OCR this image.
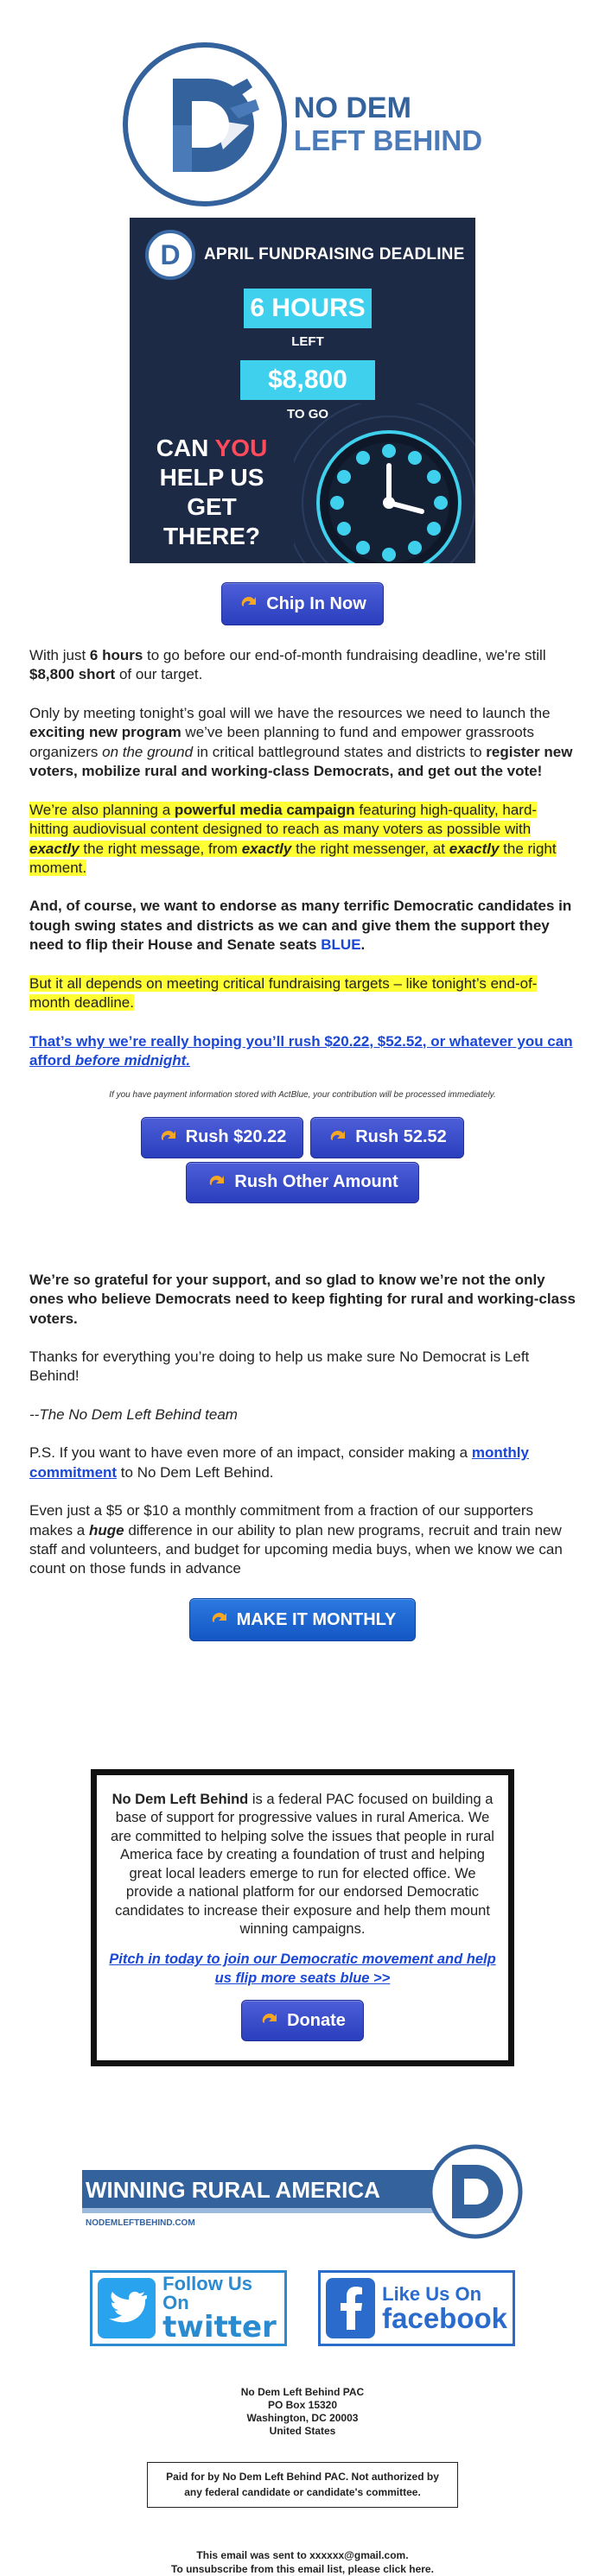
NO DEM
LEFT BEHIND
D	APRIL FUNDRAISING DEADLINE
6 HOURS
LEFT
$8,800
TO GO
CAN YOU
HELP US
GET
THERE?
Chip In Now

With just 6 hours to go before our end-of-month fundraising deadline, we're still $8,800 short of our target.

Only by meeting tonight’s goal will we have the resources we need to launch the exciting new program we’ve been planning to fund and empower grassroots organizers on the ground in critical battleground states and districts to register new voters, mobilize rural and working-class Democrats, and get out the vote!

We’re also planning a powerful media campaign featuring high-quality, hard-hitting audiovisual content designed to reach as many voters as possible with exactly the right message, from exactly the right messenger, at exactly the right moment.

And, of course, we want to endorse as many terrific Democratic candidates in tough swing states and districts as we can and give them the support they need to flip their House and Senate seats BLUE.

But it all depends on meeting critical fundraising targets – like tonight’s end-of-month deadline.

That’s why we’re really hoping you’ll rush $20.22, $52.52, or whatever you can afford before midnight.

If you have payment information stored with ActBlue, your contribution will be processed immediately.
Rush $20.22	Rush 52.52
Rush Other Amount

We’re so grateful for your support, and so glad to know we’re not the only ones who believe Democrats need to keep fighting for rural and working-class voters.

Thanks for everything you’re doing to help us make sure No Democrat is Left Behind!

--The No Dem Left Behind team

P.S. If you want to have even more of an impact, consider making a monthly commitment to No Dem Left Behind.

Even just a $5 or $10 a monthly commitment from a fraction of our supporters makes a huge difference in our ability to plan new programs, recruit and train new staff and volunteers, and budget for upcoming media buys, when we know we can count on those funds in advance

MAKE IT MONTHLY

No Dem Left Behind is a federal PAC focused on building a base of support for progressive values in rural America. We are committed to helping solve the issues that people in rural America face by creating a foundation of trust and helping great local leaders emerge to run for elected office. We provide a national platform for our endorsed Democratic candidates to increase their exposure and help them mount winning campaigns.

Pitch in today to join our Democratic movement and help us flip more seats blue >>

Donate
WINNING RURAL AMERICA
NODEMLEFTBEHIND.COM
Follow Us On
twitter
Like Us On
facebook
No Dem Left Behind PAC
PO Box 15320
Washington, DC 20003
United States
Paid for by No Dem Left Behind PAC. Not authorized by any federal candidate or candidate's committee.
This email was sent to xxxxxx@gmail.com.
To unsubscribe from this email list, please click here.
